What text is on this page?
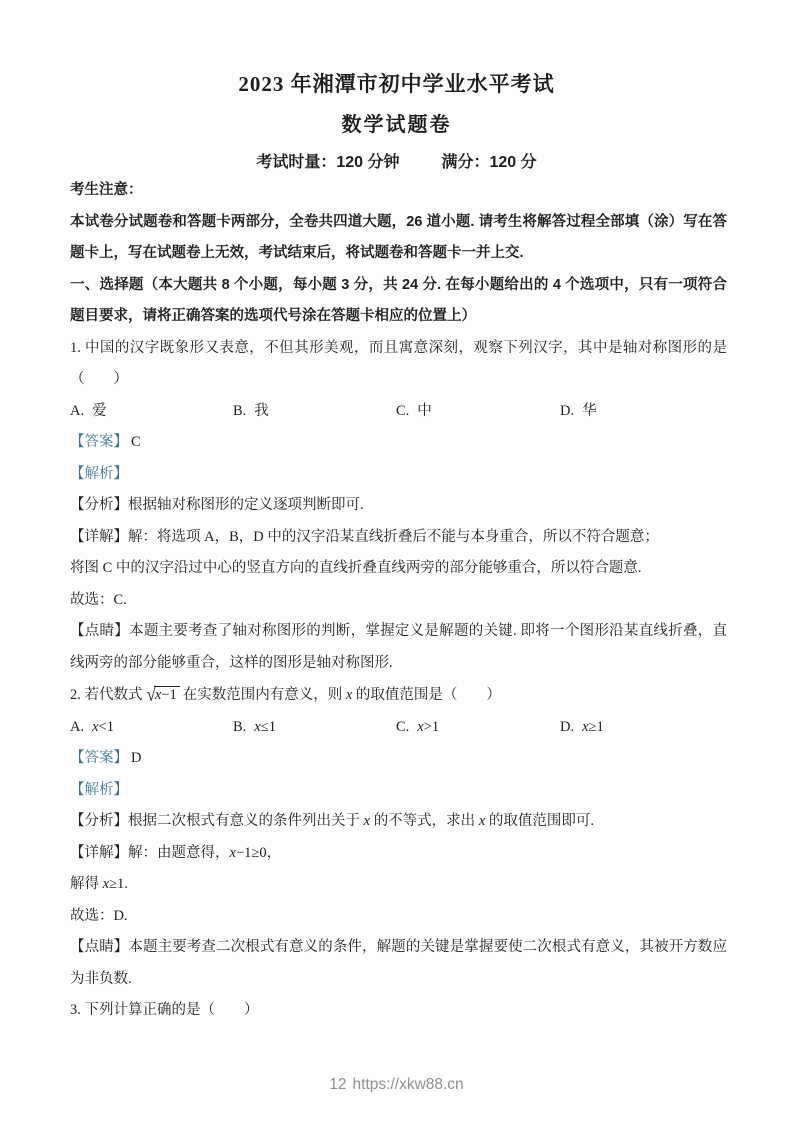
2023 年湘潭市初中学业水平考试
数学试题卷
考试时量：120 分钟	满分：120 分

考生注意：

本试卷分试题卷和答题卡两部分，全卷共四道大题，26 道小题. 请考生将解答过程全部填（涂）写在答题卡上，写在试题卷上无效，考试结束后，将试题卷和答题卡一并上交.

一、选择题（本大题共 8 个小题，每小题 3 分，共 24 分. 在每小题给出的 4 个选项中，只有一项符合题目要求，请将正确答案的选项代号涂在答题卡相应的位置上）

1. 中国的汉字既象形又表意，不但其形美观，而且寓意深刻，观察下列汉字，其中是轴对称图形的是（　　）

A. 爱	B. 我	C. 中	D. 华

【答案】 C

【解析】

【分析】根据轴对称图形的定义逐项判断即可.

【详解】解：将选项 A，B，D 中的汉字沿某直线折叠后不能与本身重合，所以不符合题意；

将图 C 中的汉字沿过中心的竖直方向的直线折叠直线两旁的部分能够重合，所以符合题意.

故选：C.

【点睛】本题主要考查了轴对称图形的判断，掌握定义是解题的关键. 即将一个图形沿某直线折叠，直线两旁的部分能够重合，这样的图形是轴对称图形.

2. 若代数式 √x−1 在实数范围内有意义，则 x 的取值范围是（　　）

A. x<1	B. x≤1	C. x>1	D. x≥1

【答案】 D

【解析】

【分析】根据二次根式有意义的条件列出关于 x 的不等式，求出 x 的取值范围即可.

【详解】解：由题意得，x−1≥0，

解得 x≥1.

故选：D.

【点睛】本题主要考查二次根式有意义的条件，解题的关键是掌握要使二次根式有意义，其被开方数应为非负数.

3. 下列计算正确的是（　　）

12 https://xkw88.cn
